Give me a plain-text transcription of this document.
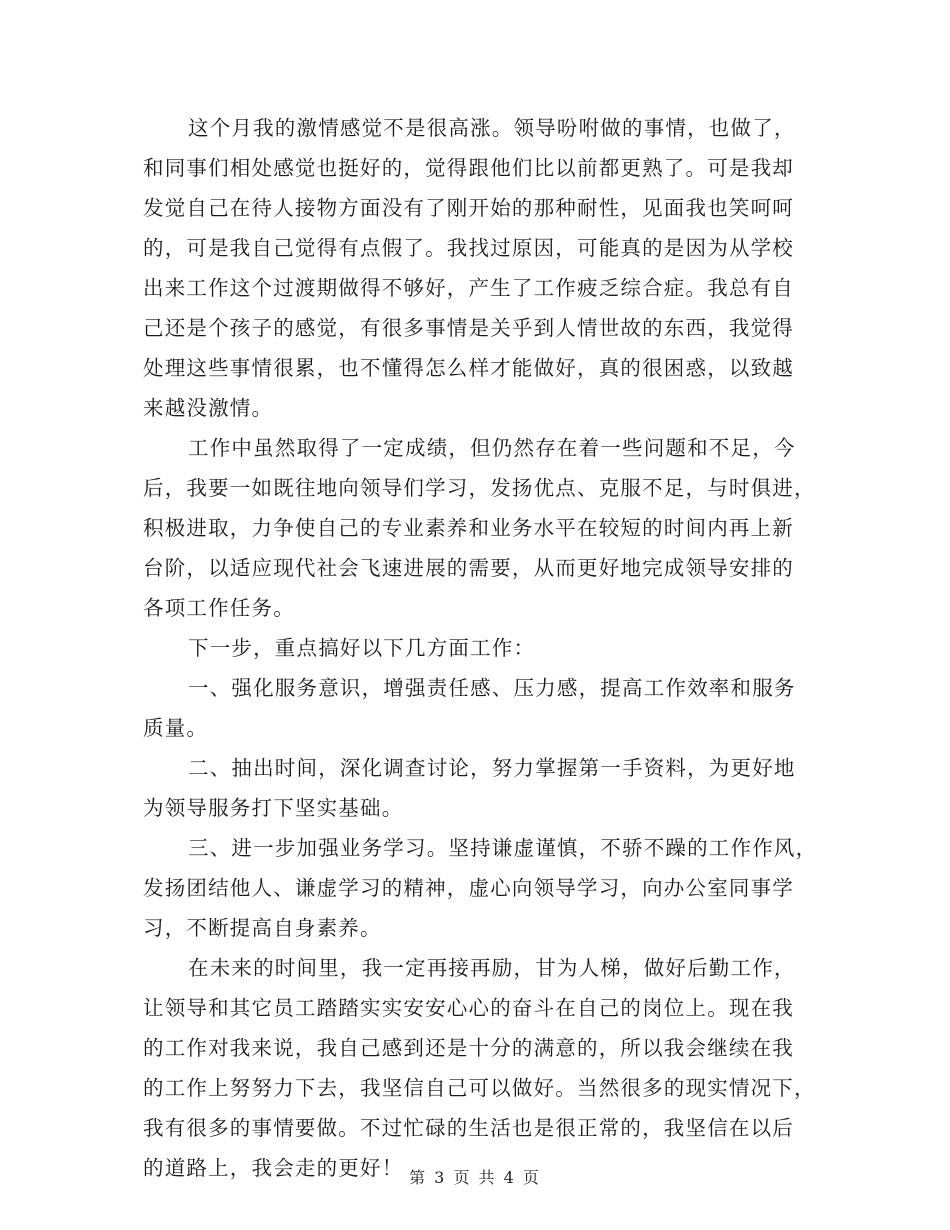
这个月我的激情感觉不是很高涨。领导吩咐做的事情，也做了，
和同事们相处感觉也挺好的，觉得跟他们比以前都更熟了。可是我却
发觉自己在待人接物方面没有了刚开始的那种耐性，见面我也笑呵呵
的，可是我自己觉得有点假了。我找过原因，可能真的是因为从学校
出来工作这个过渡期做得不够好，产生了工作疲乏综合症。我总有自
己还是个孩子的感觉，有很多事情是关乎到人情世故的东西，我觉得
处理这些事情很累，也不懂得怎么样才能做好，真的很困惑，以致越
来越没激情。
工作中虽然取得了一定成绩，但仍然存在着一些问题和不足，今
后，我要一如既往地向领导们学习，发扬优点、克服不足，与时俱进，
积极进取，力争使自己的专业素养和业务水平在较短的时间内再上新
台阶，以适应现代社会飞速进展的需要，从而更好地完成领导安排的
各项工作任务。
下一步，重点搞好以下几方面工作：
一、强化服务意识，增强责任感、压力感，提高工作效率和服务
质量。
二、抽出时间，深化调查讨论，努力掌握第一手资料，为更好地
为领导服务打下坚实基础。
三、进一步加强业务学习。坚持谦虚谨慎，不骄不躁的工作作风，
发扬团结他人、谦虚学习的精神，虚心向领导学习，向办公室同事学
习，不断提高自身素养。
在未来的时间里，我一定再接再励，甘为人梯，做好后勤工作，
让领导和其它员工踏踏实实安安心心的奋斗在自己的岗位上。现在我
的工作对我来说，我自己感到还是十分的满意的，所以我会继续在我
的工作上努努力下去，我坚信自己可以做好。当然很多的现实情况下，
我有很多的事情要做。不过忙碌的生活也是很正常的，我坚信在以后
的道路上，我会走的更好！ 第 3 页 共 4 页
